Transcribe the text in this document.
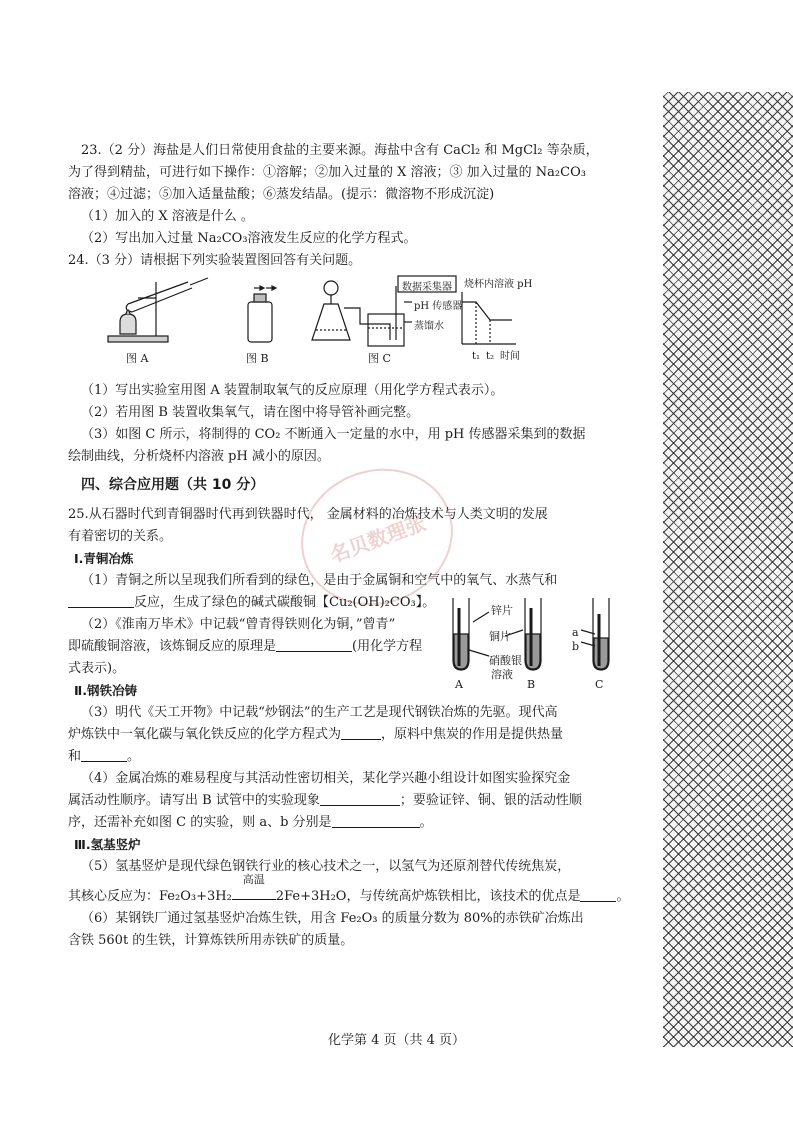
名贝数理张

23.（2 分）海盐是人们日常使用食盐的主要来源。海盐中含有 CaCl₂ 和 MgCl₂ 等杂质，

为了得到精盐，可进行如下操作：①溶解；②加入过量的 X 溶液；③ 加入过量的 Na₂CO₃

溶液；④过滤；⑤加入适量盐酸；⑥蒸发结晶。(提示：微溶物不形成沉淀)

（1）加入的 X 溶液是什么 。

（2）写出加入过量 Na₂CO₃溶液发生反应的化学方程式。

24.（3 分）请根据下列实验装置图回答有关问题。

图 A	图 B	图 C
数据采集器
pH 传感器
蒸馏水
烧杯内溶液 pH
t₁ t₂ 时间

（1）写出实验室用图 A 装置制取氧气的反应原理（用化学方程式表示）。

（2）若用图 B 装置收集氧气，请在图中将导管补画完整。

（3）如图 C 所示，将制得的 CO₂ 不断通入一定量的水中，用 pH 传感器采集到的数据

绘制曲线，分析烧杯内溶液 pH 减小的原因。

四、综合应用题（共 10 分）

25.从石器时代到青铜器时代再到铁器时代， 金属材料的冶炼技术与人类文明的发展

有着密切的关系。

Ⅰ.青铜冶炼

（1）青铜之所以呈现我们所看到的绿色，是由于金属铜和空气中的氧气、水蒸气和

反应，生成了绿色的碱式碳酸铜【Cu₂(OH)₂CO₃】。

（2）《淮南万毕术》中记载“曾青得铁则化为铜，”曾青”

即硫酸铜溶液，该炼铜反应的原理是	(用化学方程

式表示)。

锌片
铜片
硝酸银
溶液
A	B	C
a
b

Ⅱ.钢铁冶铸

（3）明代《天工开物》中记载“炒钢法”的生产工艺是现代钢铁冶炼的先驱。现代高

炉炼铁中一氧化碳与氧化铁反应的化学方程式为	，原料中焦炭的作用是提供热量

和	。

（4）金属冶炼的难易程度与其活动性密切相关，某化学兴趣小组设计如图实验探究金

属活动性顺序。请写出 B 试管中的实验现象	；要验证锌、铜、银的活动性顺

序，还需补充如图 C 的实验，则 a、b 分别是	。

Ⅲ.氢基竖炉

（5）氢基竖炉是现代绿色钢铁行业的核心技术之一，以氢气为还原剂替代传统焦炭，

其核心反应为：Fe₂O₃+3H₂
高温
2Fe+3H₂O，与传统高炉炼铁相比，该技术的优点是	。

（6）某钢铁厂通过氢基竖炉冶炼生铁，用含 Fe₂O₃ 的质量分数为 80%的赤铁矿冶炼出

含铁 560t 的生铁，计算炼铁所用赤铁矿的质量。

化学第 4 页（共 4 页）
